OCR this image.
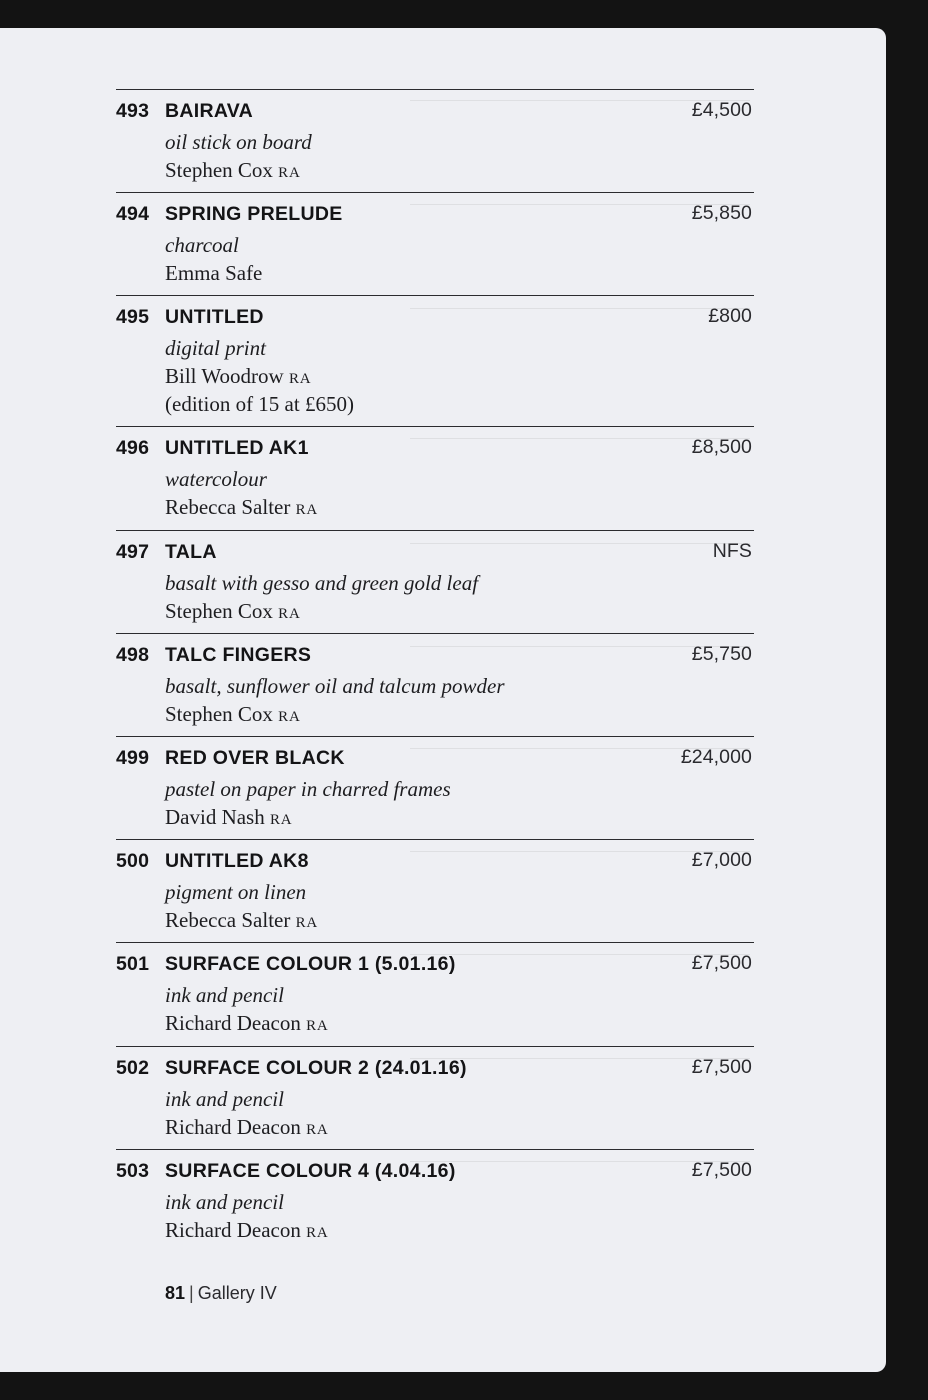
493 BAIRAVA	£4,500
oil stick on board
Stephen Cox RA
494 SPRING PRELUDE	£5,850
charcoal
Emma Safe
495 UNTITLED	£800
digital print
Bill Woodrow RA
(edition of 15 at £650)
496 UNTITLED AK1	£8,500
watercolour
Rebecca Salter RA
497 TALA	NFS
basalt with gesso and green gold leaf
Stephen Cox RA
498 TALC FINGERS	£5,750
basalt, sunflower oil and talcum powder
Stephen Cox RA
499 RED OVER BLACK	£24,000
pastel on paper in charred frames
David Nash RA
500 UNTITLED AK8	£7,000
pigment on linen
Rebecca Salter RA
501 SURFACE COLOUR 1 (5.01.16)	£7,500
ink and pencil
Richard Deacon RA
502 SURFACE COLOUR 2 (24.01.16)	£7,500
ink and pencil
Richard Deacon RA
503 SURFACE COLOUR 4 (4.04.16)	£7,500
ink and pencil
Richard Deacon RA
81 | Gallery IV
